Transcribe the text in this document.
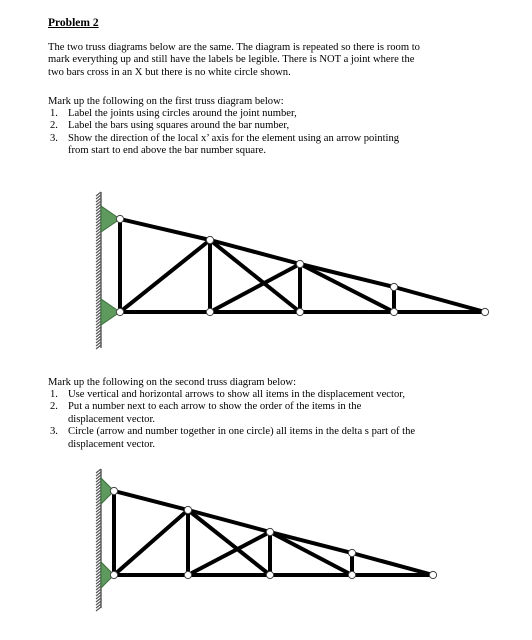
Problem 2
The two truss diagrams below are the same. The diagram is repeated so there is room to
mark everything up and still have the labels be legible. There is NOT a joint where the
two bars cross in an X but there is no white circle shown.
Mark up the following on the first truss diagram below:
1. Label the joints using circles around the joint number,
2. Label the bars using squares around the bar number,
3. Show the direction of the local x’ axis for the element using an arrow pointing
from start to end above the bar number square.
Mark up the following on the second truss diagram below:
1. Use vertical and horizontal arrows to show all items in the displacement vector,
2. Put a number next to each arrow to show the order of the items in the
displacement vector.
3. Circle (arrow and number together in one circle) all items in the delta s part of the
displacement vector.
